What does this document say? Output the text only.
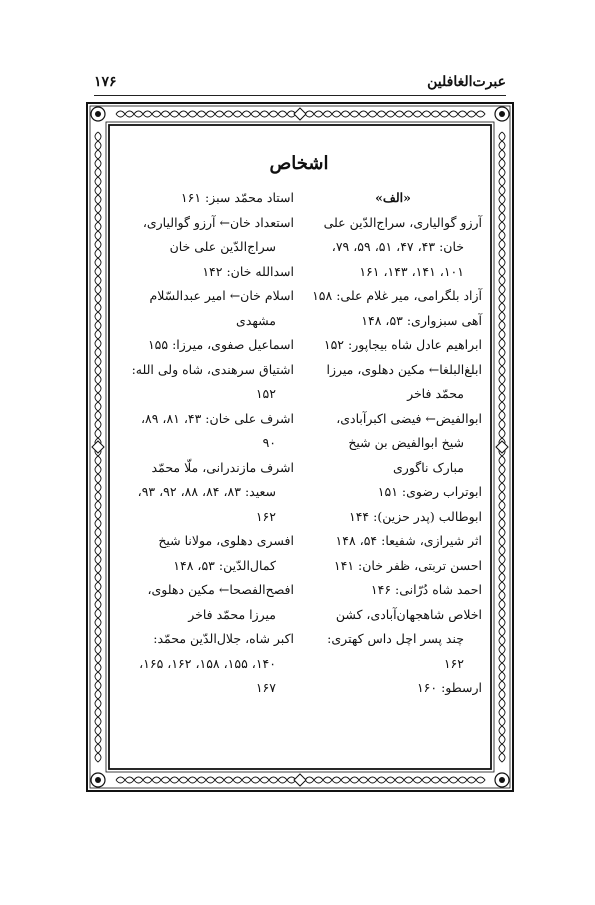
عبرت‌الغافلین
۱۷۶
اشخاص
«الف»
آرزو گوالیاری، سراج‌الدّین علی
خان: ۴۳، ۴۷، ۵۱، ۵۹، ۷۹،
۱۰۱، ۱۴۱، ۱۴۳، ۱۶۱
آزاد بلگرامی، میر غلام علی: ۱۵۸
آهی سبزواری: ۵۳، ۱۴۸
ابراهیم عادل شاه بیجاپور: ۱۵۲
ابلغ‌البلغا← مکین دهلوی، میرزا
محمّد فاخر
ابوالفیض← فیضی اکبرآبادی،
شیخ ابوالفیض بن شیخ
مبارک ناگوری
ابوتراب رضوی: ۱۵۱
ابوطالب (پدر حزین): ۱۴۴
اثر شیرازی، شفیعا: ۵۴، ۱۴۸
احسن تربتی، ظفر خان: ۱۴۱
احمد شاه دُرّانی: ۱۴۶
اخلاص شاهجهان‌آبادی، کشن
چند پسر اچل داس کهتری:
۱۶۲
ارسطو: ۱۶۰
استاد محمّد سبز: ۱۶۱
استعداد خان← آرزو گوالیاری،
سراج‌الدّین علی خان
اسدالله خان: ۱۴۲
اسلام خان← امیر عبدالسّلام
مشهدی
اسماعیل صفوی، میرزا: ۱۵۵
اشتیاق سرهندی، شاه ولی الله:
۱۵۲
اشرف علی خان: ۴۳، ۸۱، ۸۹،
۹۰
اشرف مازندرانی، ملّا محمّد
سعید: ۸۳، ۸۴، ۸۸، ۹۲، ۹۳،
۱۶۲
افسری دهلوی، مولانا شیخ
کمال‌الدّین: ۵۳، ۱۴۸
افصح‌الفصحا← مکین دهلوی،
میرزا محمّد فاخر
اکبر شاه، جلال‌الدّین محمّد:
۱۴۰، ۱۵۵، ۱۵۸، ۱۶۲، ۱۶۵،
۱۶۷
